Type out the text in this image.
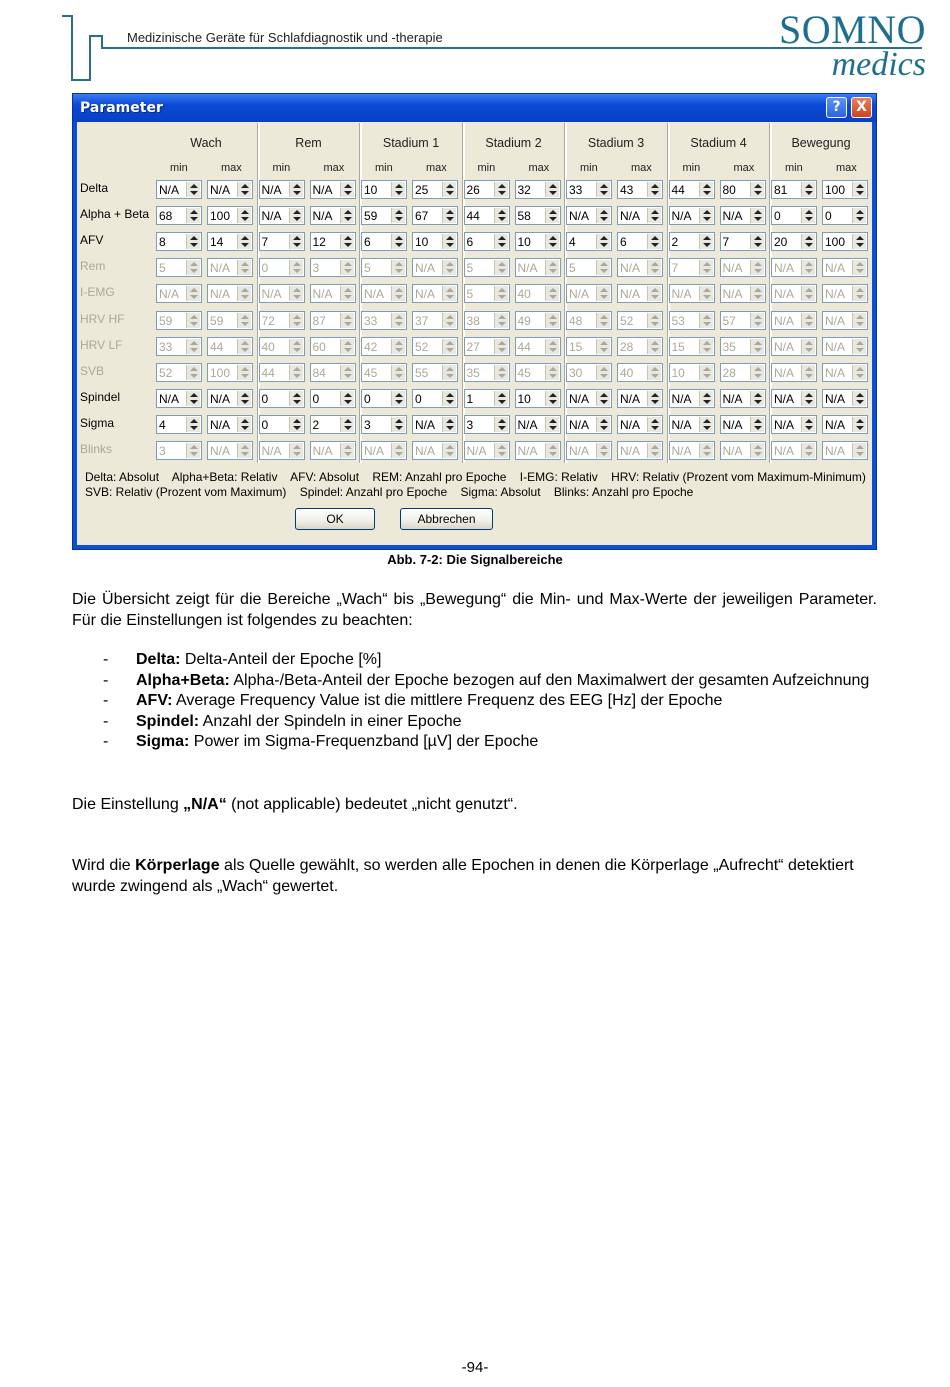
Medizinische Geräte für Schlafdiagnostik und -therapie	SOMNO
medics
Parameter	?	X
Wach
min	max
Rem
min	max
Stadium 1
min	max
Stadium 2
min	max
Stadium 3
min	max
Stadium 4
min	max
Bewegung
min	max
Delta	N/A	N/A	N/A	N/A	10	25	26	32	33	43	44	80	81	100
Alpha + Beta 68	100	N/A	N/A	59	67	44	58	N/A	N/A	N/A	N/A	0	0
AFV	8	14	7	12	6	10	6	10	4	6	2	7	20	100
Rem	5	N/A	0	3	5	N/A	5	N/A	5	N/A	7	N/A	N/A	N/A
I-EMG	N/A	N/A	N/A	N/A	N/A	N/A	5	40	N/A	N/A	N/A	N/A	N/A	N/A
HRV HF	59	59	72	87	33	37	38	49	48	52	53	57	N/A	N/A
HRV LF	33	44	40	60	42	52	27	44	15	28	15	35	N/A	N/A
SVB	52	100	44	84	45	55	35	45	30	40	10	28	N/A	N/A
Spindel	N/A	N/A	0	0	0	0	1	10	N/A	N/A	N/A	N/A	N/A	N/A
Sigma	4	N/A	0	2	3	N/A	3	N/A	N/A	N/A	N/A	N/A	N/A	N/A
Blinks	3	N/A	N/A	N/A	N/A	N/A	N/A	N/A	N/A	N/A	N/A	N/A	N/A	N/A
Delta: Absolut    Alpha+Beta: Relativ    AFV: Absolut    REM: Anzahl pro Epoche    I-EMG: Relativ    HRV: Relativ (Prozent vom Maximum-Minimum)
SVB: Relativ (Prozent vom Maximum)    Spindel: Anzahl pro Epoche    Sigma: Absolut    Blinks: Anzahl pro Epoche
OK	Abbrechen
Abb. 7-2: Die Signalbereiche
Die Übersicht zeigt für die Bereiche „Wach“ bis „Bewegung“ die Min- und Max-Werte der jeweiligen Parameter. Für die Einstellungen ist folgendes zu beachten:
- Delta: Delta-Anteil der Epoche [%]
- Alpha+Beta: Alpha-/Beta-Anteil der Epoche bezogen auf den Maximalwert der gesamten Aufzeichnung
- AFV: Average Frequency Value ist die mittlere Frequenz des EEG [Hz] der Epoche
- Spindel: Anzahl der Spindeln in einer Epoche
- Sigma: Power im Sigma-Frequenzband [µV] der Epoche
Die Einstellung „N/A“ (not applicable) bedeutet „nicht genutzt“.
Wird die Körperlage als Quelle gewählt, so werden alle Epochen in denen die Körperlage „Aufrecht“ detektiert wurde zwingend als „Wach“ gewertet.
-94-
